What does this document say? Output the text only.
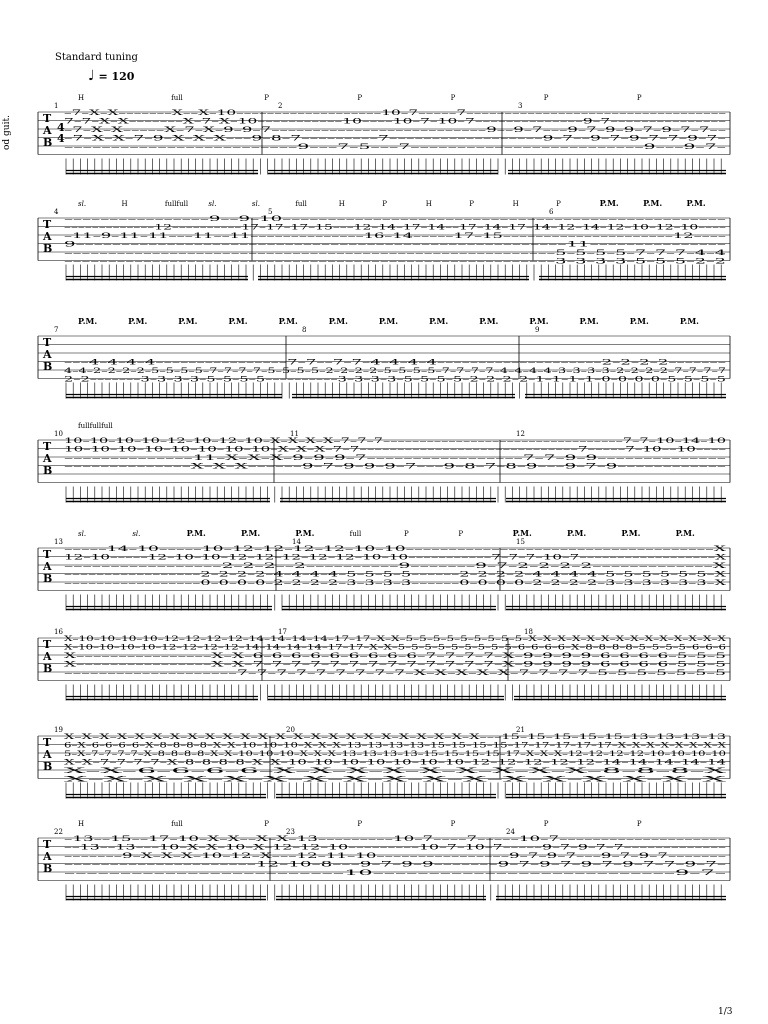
Standard tuning
♩ = 120
od guit.	T
A
B
4
4
1	2	3
–7–X–X–––––––X––X–10–––––––––––––––––––10–7–––––7––––––––––––––––––––––––––––––––––
7–7–X–X–––––––X–7–X–10–––––––––––10––––10–7–10–7––––––––––––––9–7–––––––––––––––
–7–X–X–––––X–7–X–9–9–7––––––––––––––––––––––––––9––9–7–––9–7–9–9–7–9–7–7––
–7–X–X–7–9–X–X–X–––9–8–7–––––––––7––––––––––––––––––9–7––9–7–9–7–7–9–7–
–––––––––––––––––––––––––9–––7–5–––7–––––––––––––––––––––––––9–––9–7–
H	full	P	P	P	P	P
T
A
B
4	5	6
––––––––––––––––9––9–10–––––––––––––––––––––––––––––––––––––––––––––––––
–––––––––––––12––––––––––17–17–17–15–––12–14–17–14––17–14–17–14–12–14–12–10–12–10––––
–11–9–11–11–––11––11––––––––––––––16–14–––––17–15–––––––––––––––––––––12––––
9––––––––––––––––––––––––––––––––––––––––––––––––––––––11–––––––––––––––
––––––––––––––––––––––––––––––––––––––––––––––––––––––––5–5–5–5–7–7–7–4–4
––––––––––––––––––––––––––––––––––––––––––––––––––––––––3–3–3–3–5–5–5–2–2
sl.	H	fullfull	sl.	sl.	full	H	P	H	P	H	P	P.M.	P.M.	P.M.
T
A
B
7	8	9
–––4–4–4–4––––––––––––––––7–7––7–7–4–4–4–4––––––––––––––––––––2–2–2–2–––––––
4–4–2–2–2–2–5–5–5–5–7–7–7–7–5–5–5–5–2–2–2–2–5–5–5–5–7–7–7–7–4–4–4–4–3–3–3–3–2–2–2–2–7–7–7–7
2–2–––––––3–3–3–3–5–5–5–5––––––––––3–3–3–3–5–5–5–5–2–2–2–2–1–1–1–1–0–0–0–0–5–5–5–5
P.M.	P.M.	P.M.	P.M.	P.M.	P.M.	P.M.	P.M.	P.M.	P.M.	P.M.	P.M.	P.M.
T
A
B
10	11	12
10–10–10–10–12–10–12–10–X–X–X–X–7–7–7–––––––––––––––––––––––––––––––––7–7–10–14–10
10–10–10–10–10–10–10–10–X–X–X–7–7–––––––––––––––––––––––––––––7–––––7–10––10––––
––––––––––––––11–X–X–X–9–9–9–7–––––––––––––––––7–7–9–9––––––––––––––
––––––––––––––X–X–X––––––9–7–9–9–9–7–––9–8–7–8–9–––9–7–9––––––––––––
fullfullfull
T
A
B
13	14	15
–––––14–10–––––10–12–12–12–12–10–10––––––––––––––––––––––––––––––––––––X
12–10–––––12–10–10–12–12–12–12–12–10–10–––––––––––7–7–7–10–7––––––––––––––––––X
–––––––––––––––––2–2–2––2––––––––––9–––––––9–7–2–2–2–2–––––––––––––X
–––––––––––––––––2–2–2–2–4–4–4–4–5–5–5–5––––––2–2–2–2–4–4–4–4–5–5–5–5–5–5–X
–––––––––––––––––0–0–0–0–2–2–2–2–3–3–3–3––––––0–0–0–0–2–2–2–2–3–3–3–3–3–3–X
sl.	sl.	P.M.	P.M.	P.M.	full	P	P	P.M.	P.M.	P.M.	P.M.
T
A
B
16	17	18
X–10–10–10–10–12–12–12–12–14–14–14–14–17–17–X–X–5–5–5–5–5–5–5–5–5–X–X–X–X–X–X–X–X–X–X–X–X–X–X
X–10–10–10–10–12–12–12–12–14–14–14–14–17–17–X–X–5–5–5–5–5–5–5–5–5–6–6–6–6–X–8–8–8–8–5–5–5–5–6–6–6
X––––––––––––––––X–X–6–6–6–6–6–6–6–6–6–7–7–7–7–X–9–9–9–9–6–6–6–6–5–5–5
X––––––––––––––––X–X–7–7–7–7–7–7–7–7–7–7–7–7–7–X–9–9–9–9–6–6–6–6–5–5–5
––––––––––––––––––––7–7–7–7–7–7–7–7–7–X–X–X–X–X–7–7–7–7–5–5–5–5–5–5–5
T
A
B
19	20	21
X–X–X–X–X–X–X–X–X–X–X–X–X–X–X–X–X–X–X–X–X–X–X–X–––15–15–15–15–15–13–13–13–13
6–X–6–6–6–6–X–8–8–8–8–X–X–10–10–10–X–X–X–13–13–13–13–15–15–15–15–17–17–17–17–17–X–X–X–X–X–X–X–X
5–X–7–7–7–7–X–8–8–8–8–X–X–10–10–10–X–X–X–13–13–13–13–15–15–15–15–17–X–X–X–12–12–12–12–10–10–10–10
X–X–7–7–7–7–X–8–8–8–8–X–X–10–10–10–10–10–10–10–12–12–12–12–12–14–14–14–14–14
X–X–6–6–6–6–X–X–X–X–X–X–X–X–X–8–8–8–X
X–X–X–X–X–X–X–X–X–X–X–X–X–X–X–X–X
T
A
B
22	23	24
–13––15––17–10–X–X––X–X–13–––––––––10–7––––7–––––10–7––––––––––––––––––––
––13––13–––10–X–X–10–X–12–12–10–––––––––10–7–10–7–––––9–7–9–7–7–––––––––––––
–––––––9–X–X–X–10–12–X–––12–11–10––––––––––––––––9–7–9–7–––9–7–9–7–––––––
–––––––––––––––––––––12–10–8–––9–7–9–9–––––––9–7–9–7–9–7–9–7–7–9–7–
–––––––––––––––––––––––––10–––––––––––––––––––––––––––9–7–
H	full	P	P	P	P	P
1/3
